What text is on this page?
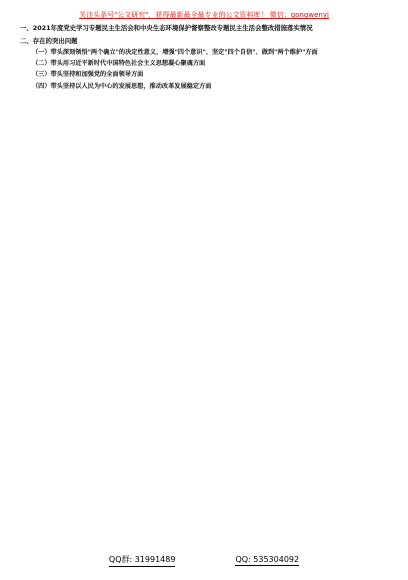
关注头条号"公文研究"，获得最新最全最专业的公文资料库！ 微信：gongwenyj

一、2021年度党史学习专题民主生活会和中央生态环境保护督察整改专题民主生活会整改措施落实情况

二、存在的突出问题

（一）带头深刻领悟"两个确立"的决定性意义，增强"四个意识"、坚定"四个自信"、做到"两个维护"方面

（二）带头用习近平新时代中国特色社会主义思想凝心聚魂方面

（三）带头坚持和加强党的全面领导方面

（四）带头坚持以人民为中心的发展思想，推动改革发展稳定方面

QQ群: 31991489	QQ: 535304092
